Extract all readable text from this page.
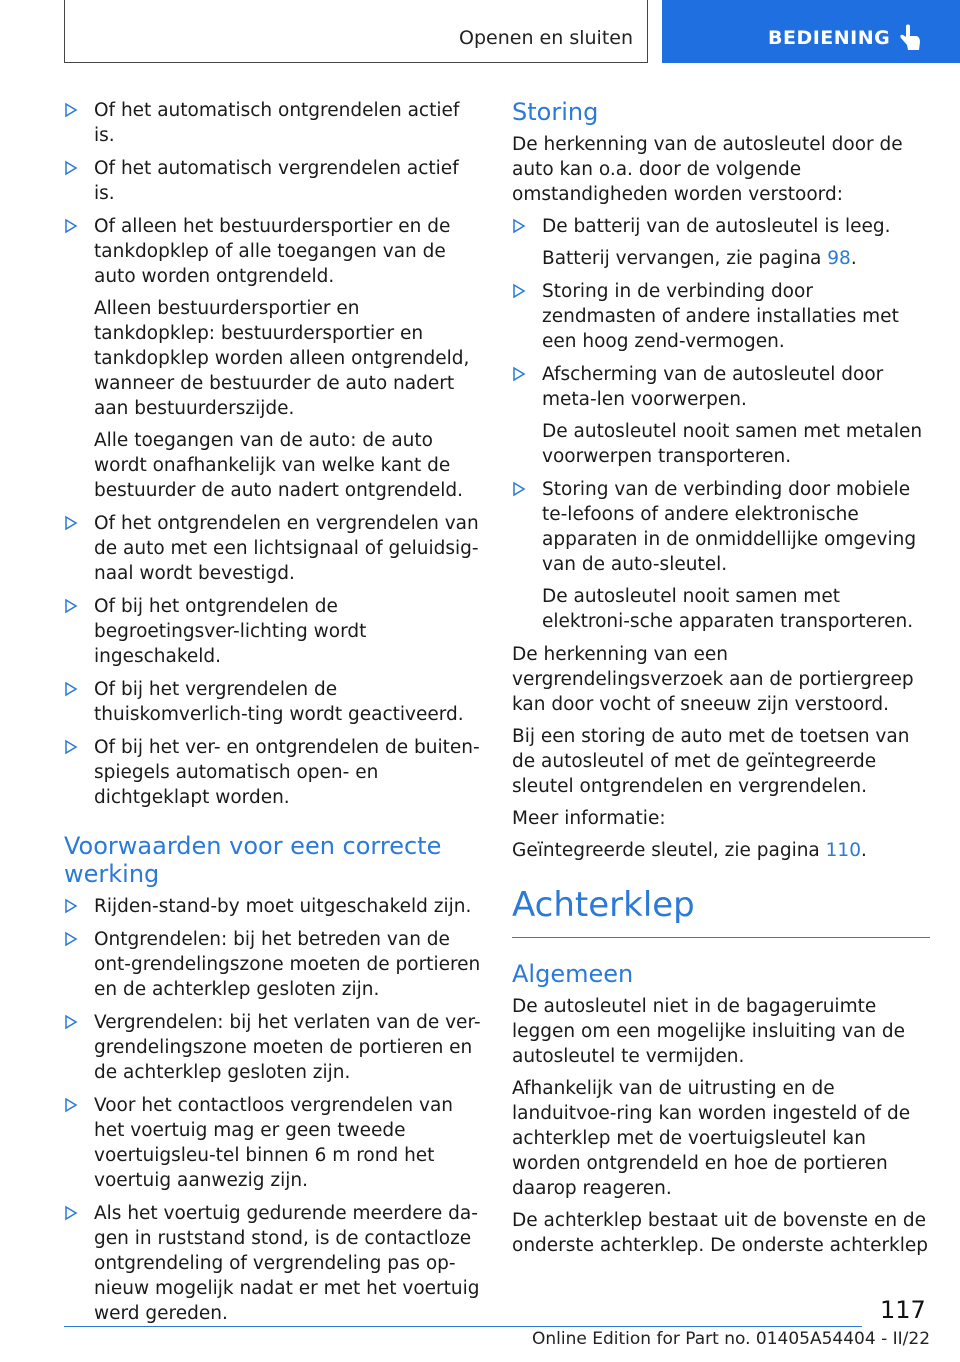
Openen en sluiten	BEDIENING
Of het automatisch ontgrendelen actief is.
Of het automatisch vergrendelen actief is.
Of alleen het bestuurdersportier en de tankdopklep of alle toegangen van de auto worden ontgrendeld.
Alleen bestuurdersportier en tankdopklep: bestuurdersportier en tankdopklep worden alleen ontgrendeld, wanneer de bestuurder de auto nadert aan bestuurderszijde.
Alle toegangen van de auto: de auto wordt onafhankelijk van welke kant de bestuurder de auto nadert ontgrendeld.
Of het ontgrendelen en vergrendelen van de auto met een lichtsignaal of geluidsig-naal wordt bevestigd.
Of bij het ontgrendelen de begroetingsver-lichting wordt ingeschakeld.
Of bij het vergrendelen de thuiskomverlich-ting wordt geactiveerd.
Of bij het ver- en ontgrendelen de buiten-spiegels automatisch open- en dichtgeklapt worden.
Voorwaarden voor een correcte werking
Rijden-stand-by moet uitgeschakeld zijn.
Ontgrendelen: bij het betreden van de ont-grendelingszone moeten de portieren en de achterklep gesloten zijn.
Vergrendelen: bij het verlaten van de ver-grendelingszone moeten de portieren en de achterklep gesloten zijn.
Voor het contactloos vergrendelen van het voertuig mag er geen tweede voertuigsleu-tel binnen 6 m rond het voertuig aanwezig zijn.
Als het voertuig gedurende meerdere da-gen in ruststand stond, is de contactloze ontgrendeling of vergrendeling pas op-nieuw mogelijk nadat er met het voertuig werd gereden.
Storing

De herkenning van de autosleutel door de auto kan o.a. door de volgende omstandigheden worden verstoord:

De batterij van de autosleutel is leeg.
Batterij vervangen, zie pagina 98.
Storing in de verbinding door zendmasten of andere installaties met een hoog zend-vermogen.
Afscherming van de autosleutel door meta-len voorwerpen.
De autosleutel nooit samen met metalen voorwerpen transporteren.
Storing van de verbinding door mobiele te-lefoons of andere elektronische apparaten in de onmiddellijke omgeving van de auto-sleutel.
De autosleutel nooit samen met elektroni-sche apparaten transporteren.

De herkenning van een vergrendelingsverzoek aan de portiergreep kan door vocht of sneeuw zijn verstoord.

Bij een storing de auto met de toetsen van de autosleutel of met de geïntegreerde sleutel ontgrendelen en vergrendelen.

Meer informatie:

Geïntegreerde sleutel, zie pagina 110.

Achterklep
Algemeen

De autosleutel niet in de bagageruimte leggen om een mogelijke insluiting van de autosleutel te vermijden.

Afhankelijk van de uitrusting en de landuitvoe-ring kan worden ingesteld of de achterklep met de voertuigsleutel kan worden ontgrendeld en hoe de portieren daarop reageren.

De achterklep bestaat uit de bovenste en de onderste achterklep. De onderste achterklep

117
Online Edition for Part no. 01405A54404 - II/22
